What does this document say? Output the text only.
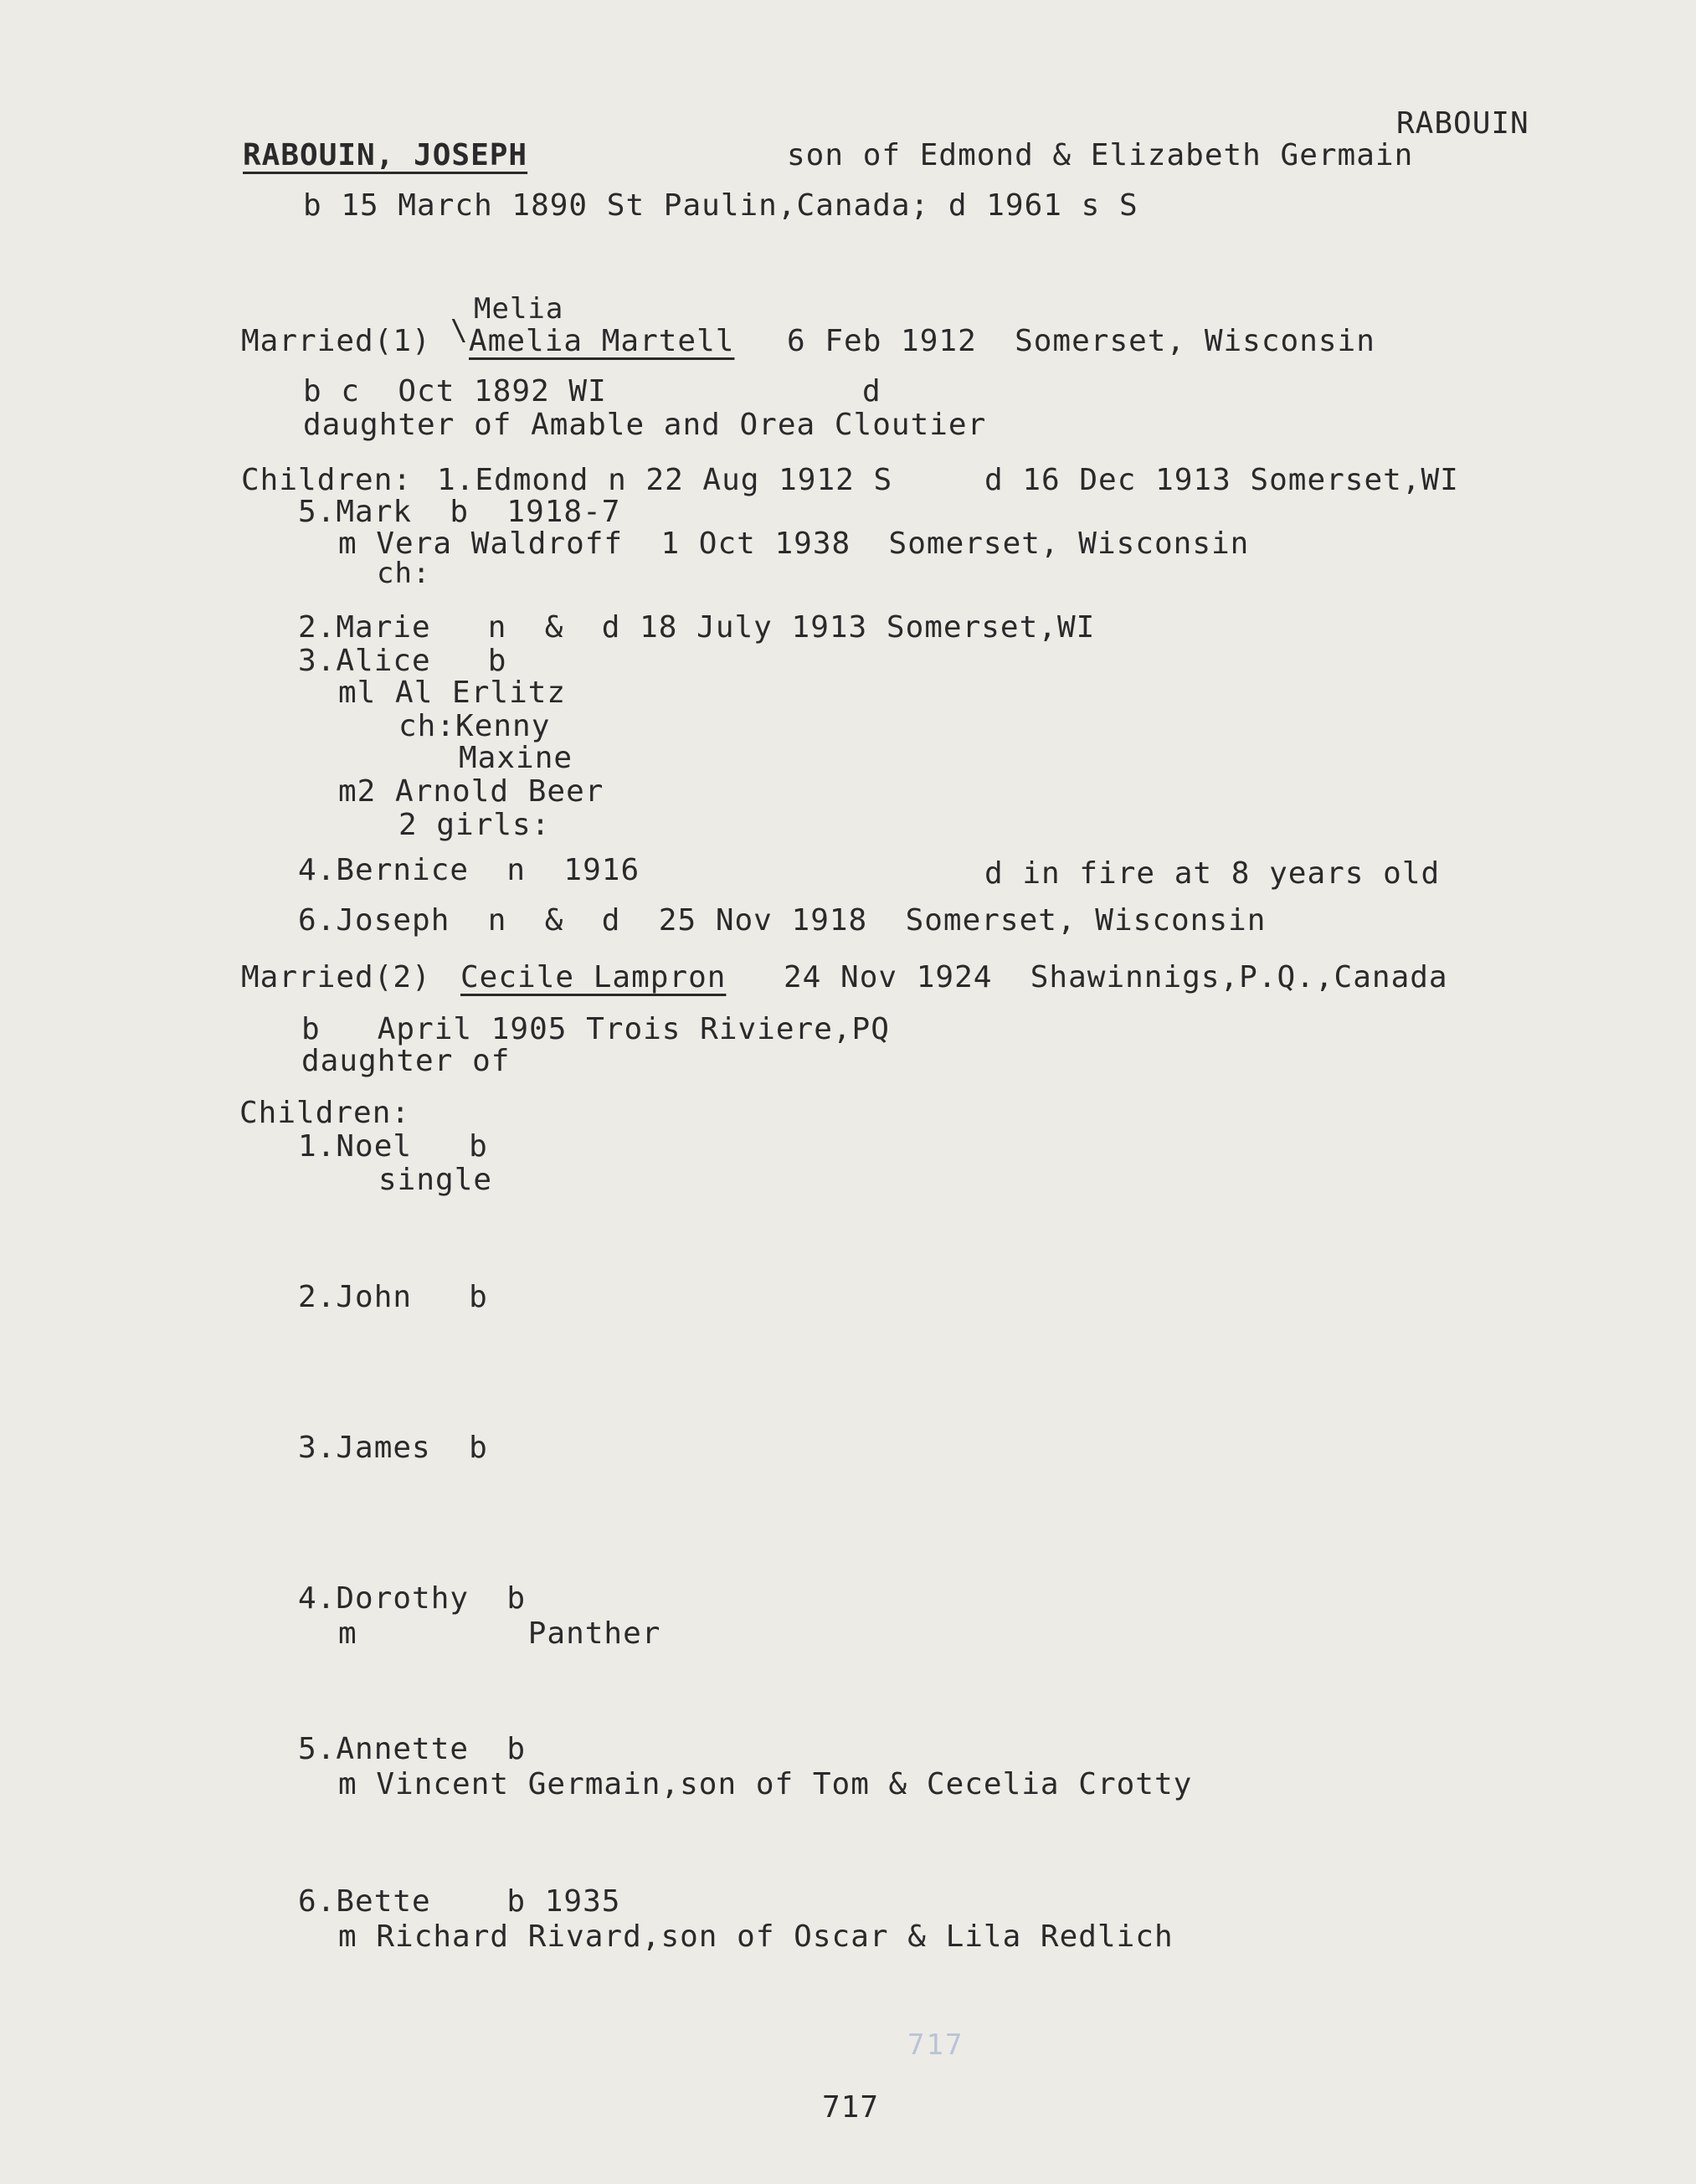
RABOUIN
RABOUIN, JOSEPH	son of Edmond & Elizabeth Germain
b 15 March 1890 St Paulin,Canada; d 1961 s S
Melia
Married(1) \ Amelia Martell 6 Feb 1912  Somerset, Wisconsin
b c  Oct 1892 WI	d
daughter of Amable and Orea Cloutier
Children: 1.Edmond n 22 Aug 1912 S	d 16 Dec 1913 Somerset,WI
5.Mark  b  1918-7
m Vera Waldroff  1 Oct 1938  Somerset, Wisconsin
ch:
2.Marie   n  &  d 18 July 1913 Somerset,WI
3.Alice   b
ml Al Erlitz
ch:Kenny
Maxine
m2 Arnold Beer
2 girls:
4.Bernice  n  1916	d in fire at 8 years old
6.Joseph  n  &  d  25 Nov 1918  Somerset, Wisconsin
Married(2) Cecile Lampron 24 Nov 1924  Shawinnigs,P.Q.,Canada
b   April 1905 Trois Riviere,PQ
daughter of
Children:
1.Noel   b
single
2.John   b
3.James  b
4.Dorothy  b
m         Panther
5.Annette  b
m Vincent Germain,son of Tom & Cecelia Crotty
6.Bette    b 1935
m Richard Rivard,son of Oscar & Lila Redlich
717
717
